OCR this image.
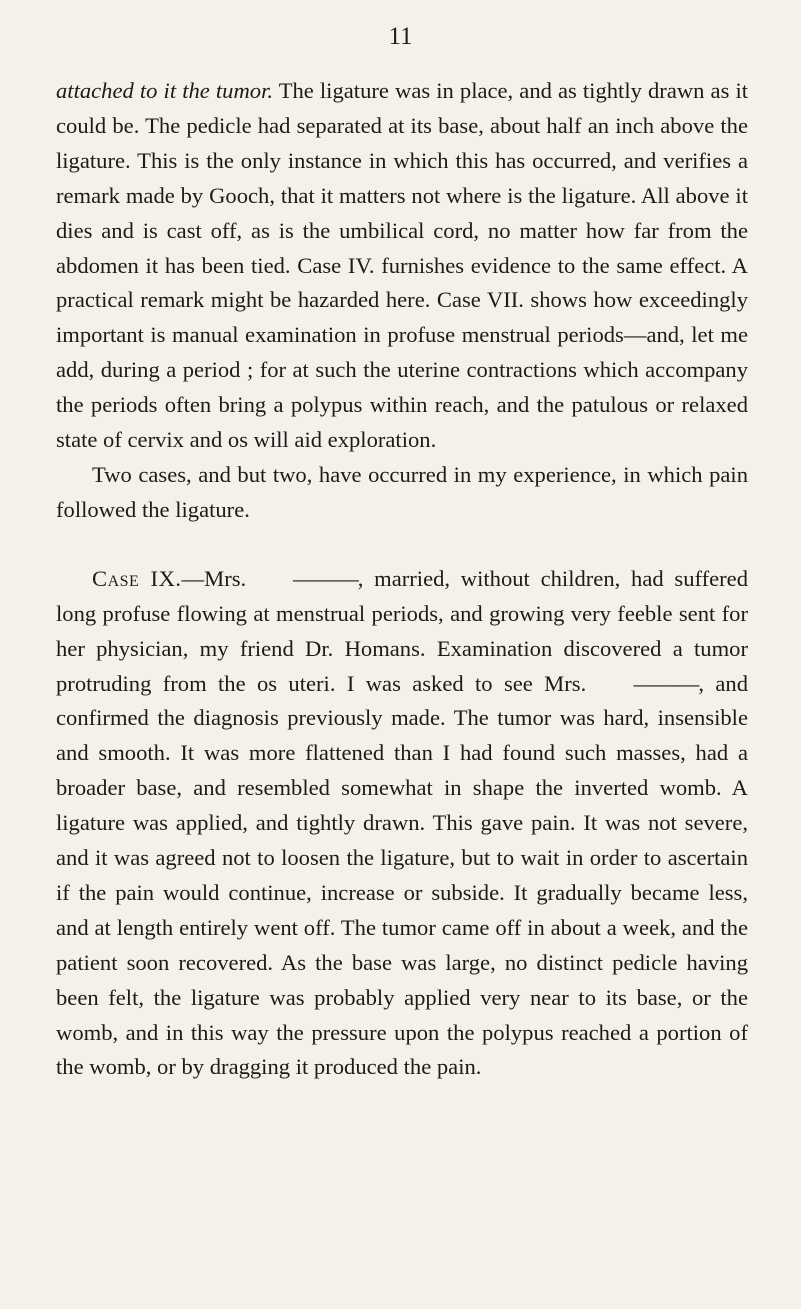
11

attached to it the tumor. The ligature was in place, and as tightly drawn as it could be. The pedicle had separated at its base, about half an inch above the ligature. This is the only instance in which this has occurred, and verifies a remark made by Gooch, that it matters not where is the ligature. All above it dies and is cast off, as is the umbilical cord, no matter how far from the abdomen it has been tied. Case IV. furnishes evidence to the same effect. A practical remark might be hazarded here. Case VII. shows how exceedingly important is manual examination in profuse menstrual periods—and, let me add, during a period ; for at such the uterine contractions which accompany the periods often bring a polypus within reach, and the patulous or relaxed state of cervix and os will aid exploration.

Two cases, and but two, have occurred in my experience, in which pain followed the ligature.

Case IX.—Mrs. ———, married, without children, had suffered long profuse flowing at menstrual periods, and growing very feeble sent for her physician, my friend Dr. Homans. Examination discovered a tumor protruding from the os uteri. I was asked to see Mrs. ———, and confirmed the diagnosis previously made. The tumor was hard, insensible and smooth. It was more flattened than I had found such masses, had a broader base, and resembled somewhat in shape the inverted womb. A ligature was applied, and tightly drawn. This gave pain. It was not severe, and it was agreed not to loosen the ligature, but to wait in order to ascertain if the pain would continue, increase or subside. It gradually became less, and at length entirely went off. The tumor came off in about a week, and the patient soon recovered. As the base was large, no distinct pedicle having been felt, the ligature was probably applied very near to its base, or the womb, and in this way the pressure upon the polypus reached a portion of the womb, or by dragging it produced the pain.
